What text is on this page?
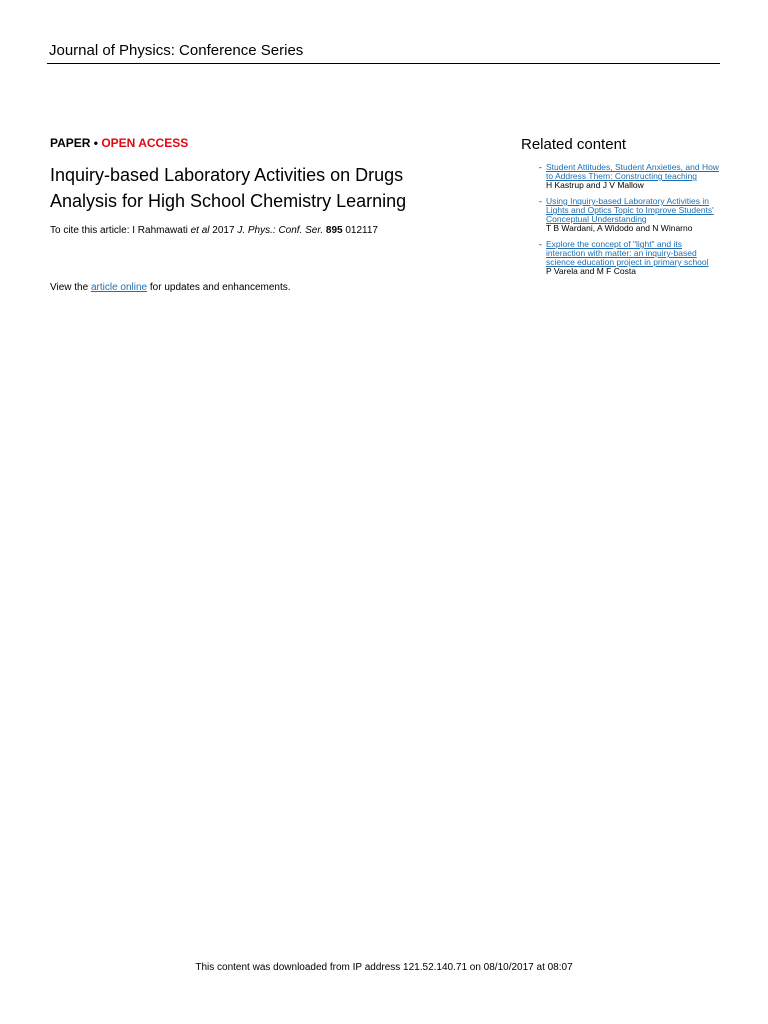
Journal of Physics: Conference Series
PAPER • OPEN ACCESS
Inquiry-based Laboratory Activities on Drugs
Analysis for High School Chemistry Learning
To cite this article: I Rahmawati et al 2017 J. Phys.: Conf. Ser. 895 012117
View the article online for updates and enhancements.
Related content
- Student Attitudes, Student Anxieties, and How to Address Them: Constructing teaching
H Kastrup and J V Mallow
- Using Inquiry-based Laboratory Activities in Lights and Optics Topic to Improve Students' Conceptual Understanding
T B Wardani, A Widodo and N Winarno
- Explore the concept of "light" and its interaction with matter: an inquiry-based science education project in primary school
P Varela and M F Costa
This content was downloaded from IP address 121.52.140.71 on 08/10/2017 at 08:07
